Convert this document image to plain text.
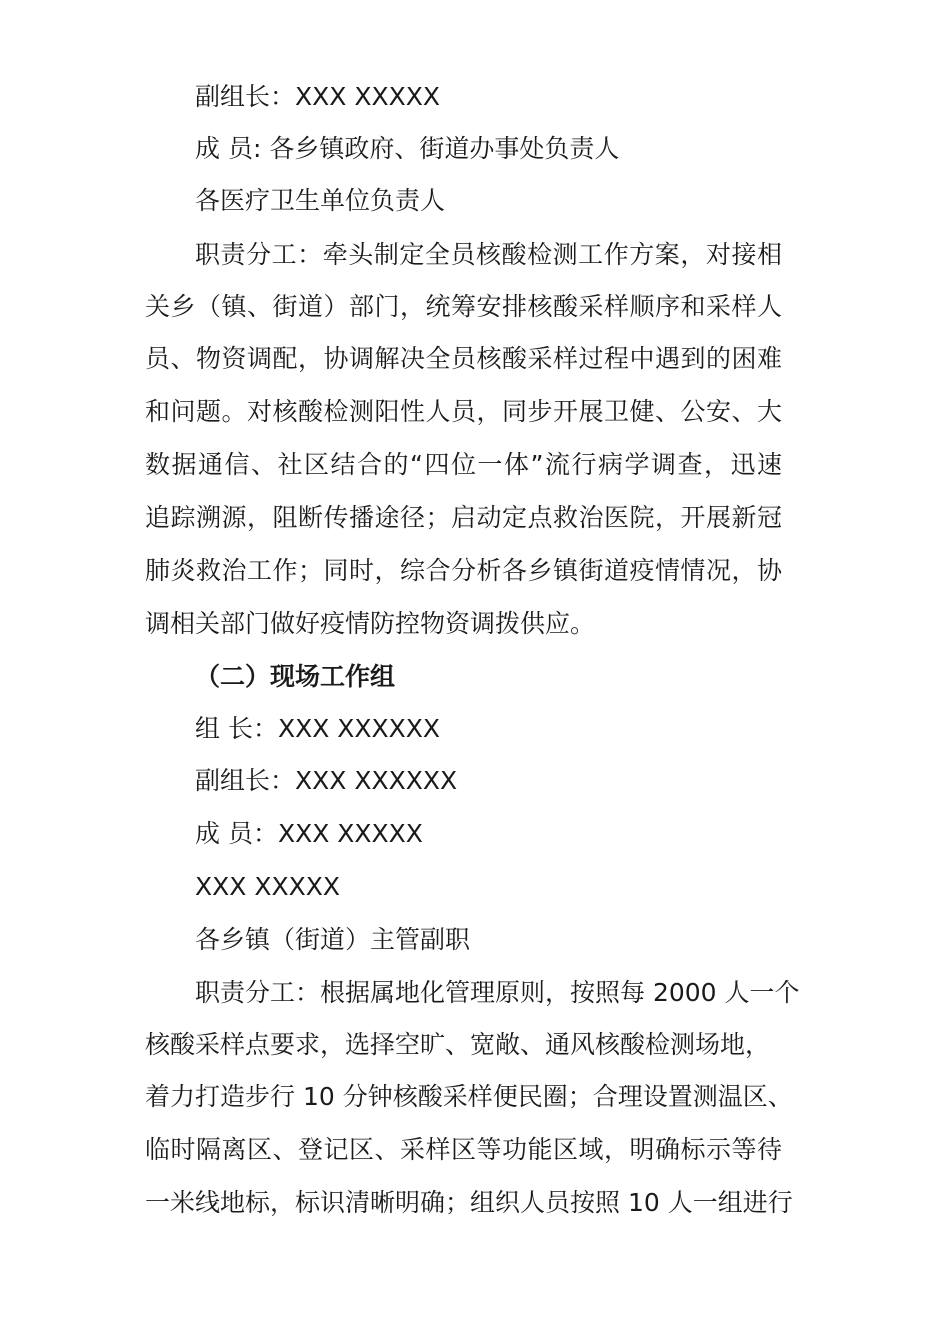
副组长：XXX XXXXX
成 员: 各乡镇政府、街道办事处负责人
各医疗卫生单位负责人
职责分工：牵头制定全员核酸检测工作方案，对接相
关乡（镇、街道）部门，统筹安排核酸采样顺序和采样人
员、物资调配，协调解决全员核酸采样过程中遇到的困难
和问题。对核酸检测阳性人员，同步开展卫健、公安、大
数据通信、社区结合的“四位一体”流行病学调查，迅速
追踪溯源，阻断传播途径；启动定点救治医院，开展新冠
肺炎救治工作；同时，综合分析各乡镇街道疫情情况，协
调相关部门做好疫情防控物资调拨供应。
（二）现场工作组
组 长：XXX XXXXXX
副组长：XXX XXXXXX
成 员：XXX XXXXX
XXX XXXXX
各乡镇（街道）主管副职
职责分工：根据属地化管理原则，按照每 2000 人一个
核酸采样点要求，选择空旷、宽敞、通风核酸检测场地，
着力打造步行 10 分钟核酸采样便民圈；合理设置测温区、
临时隔离区、登记区、采样区等功能区域，明确标示等待
一米线地标，标识清晰明确；组织人员按照 10 人一组进行
